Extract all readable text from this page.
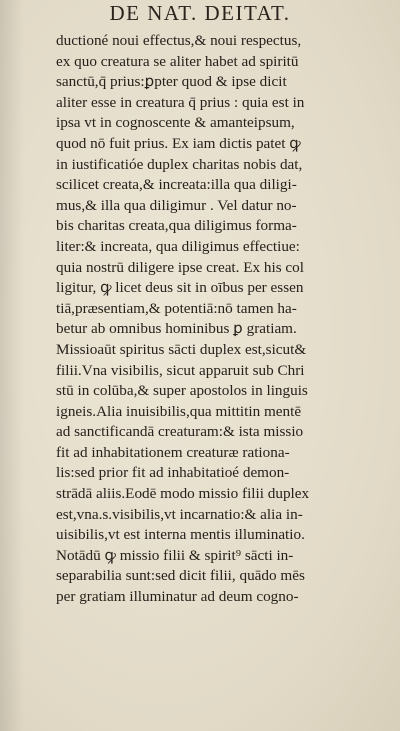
DE NAT. DEITAT.
ductioné noui effectus,& noui respectus,
ex quo creatura se aliter habet ad spiritū
sanctū,q̄ prius:ꝑpter quod & ipse dicit
aliter esse in creatura q̄ prius : quia est in
ipsa vt in cognoscente & amanteipsum,
quod nō fuit prius. Ex iam dictis patet ꝙ
in iustificatióe duplex charitas nobis dat,
scilicet creata,& increata:illa qua diligi-
mus,& illa qua diligimur . Vel datur no-
bis charitas creata,qua diligimus forma-
liter:& increata, qua diligimus effectiue:
quia nostrū diligere ipse creat. Ex his col
ligitur, ꝙ licet deus sit in oībus per essen
tiā,præsentiam,& potentiā:nō tamen ha-
betur ab omnibus hominibus ꝑ gratiam.
Missioaūt spiritus sācti duplex est,sicut&
filii.Vna visibilis, sicut apparuit sub Chri
stū in colūba,& super apostolos in linguis
igneis.Alia inuisibilis,qua mittitin mentē
ad sanctificandā creaturam:& ista missio
fit ad inhabitationem creaturæ rationa-
lis:sed prior fit ad inhabitatioé demon-
strādā aliis.Eodē modo missio filii duplex
est,vna.s.visibilis,vt incarnatio:& alia in-
uisibilis,vt est interna mentis illuminatio.
Notādū ꝙ missio filii & spirit⁹ sācti in-
separabilia sunt:sed dicit filii, quādo mēs
per gratiam illuminatur ad deum cogno-
